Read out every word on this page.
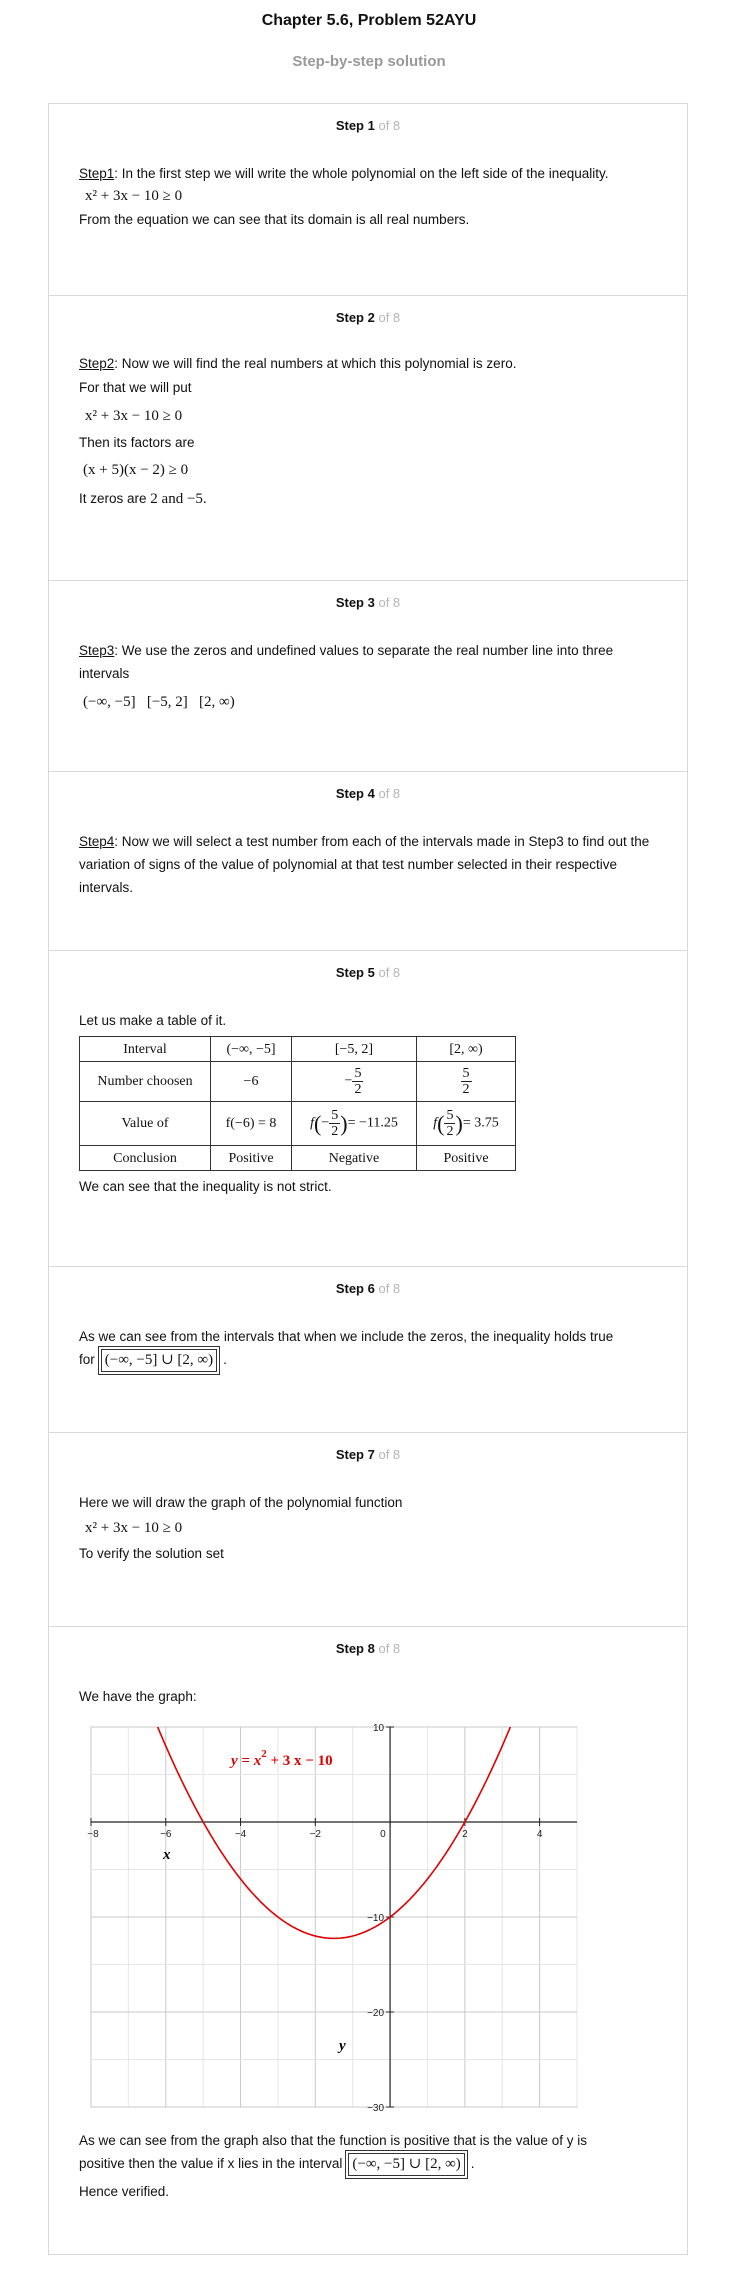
Chapter 5.6, Problem 52AYU
Step-by-step solution
Step 1 of 8
Step1: In the first step we will write the whole polynomial on the left side of the inequality.
x² + 3x − 10 ≥ 0
From the equation we can see that its domain is all real numbers.
Step 2 of 8
Step2: Now we will find the real numbers at which this polynomial is zero.
For that we will put
x² + 3x − 10 ≥ 0
Then its factors are
(x + 5)(x − 2) ≥ 0
It zeros are 2 and −5.
Step 3 of 8
Step3: We use the zeros and undefined values to separate the real number line into three intervals
(−∞, −5]   [−5, 2]   [2, ∞)
Step 4 of 8
Step4: Now we will select a test number from each of the intervals made in Step3 to find out the variation of signs of the value of polynomial at that test number selected in their respective intervals.
Step 5 of 8
Let us make a table of it.
Interval	(−∞, −5]	[−5, 2]	[2, ∞)
Number choosen	−6	− $\frac{5}{2}$	$\frac{5}{2}$

Value of	f(−6) = 8	$f(- \frac{5}{2}$ )= −11.25	$f( \frac{5}{2}$ )= 3.75
Conclusion	Positive	Negative	Positive
We can see that the inequality is not strict.
Step 6 of 8
As we can see from the intervals that when we include the zeros, the inequality holds true
for (−∞, −5] ∪ [2, ∞) .
Step 7 of 8
Here we will draw the graph of the polynomial function
x² + 3x − 10 ≥ 0
To verify the solution set
Step 8 of 8
We have the graph:
−8	−6	−4	−2	0	2	4
10
−10
−20
−30
$y = x^2 + 3$ x − 10
x
y
As we can see from the graph also that the function is positive that is the value of y is
positive then the value if x lies in the interval (−∞, −5] ∪ [2, ∞) .
Hence verified.
